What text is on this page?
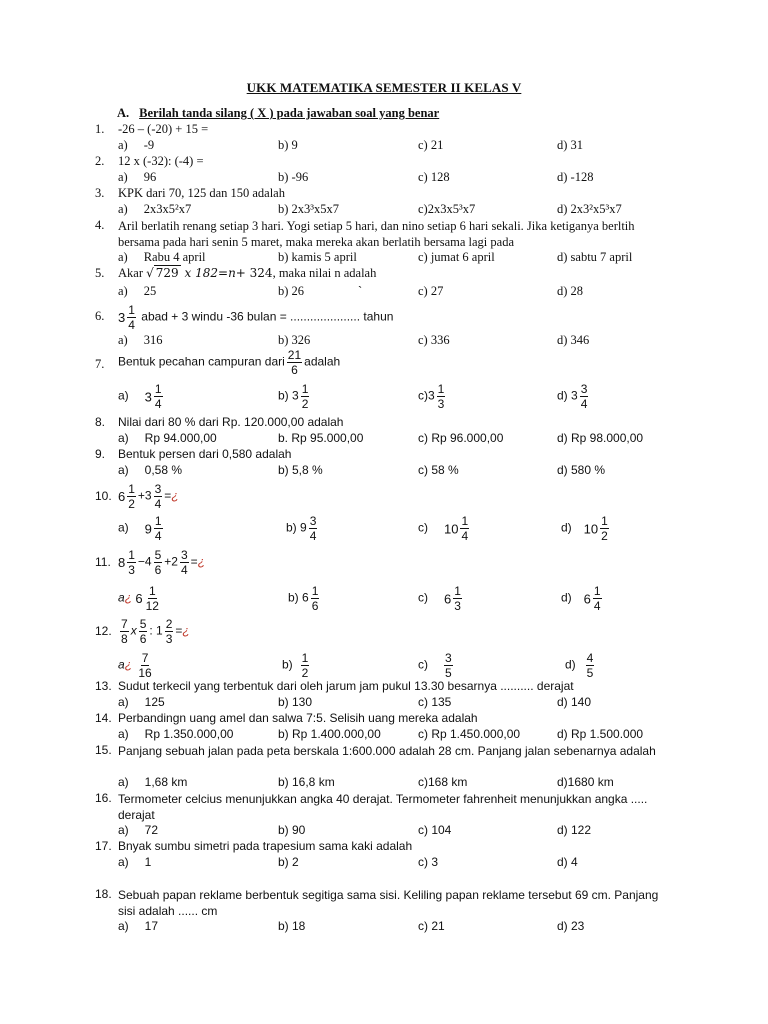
UKK MATEMATIKA SEMESTER II KELAS V
A. Berilah tanda silang ( X ) pada jawaban soal yang benar
1. -26 – (-20) + 15 =
a) -9	b) 9	c) 21	d) 31
2. 12 x (-32): (-4) =
a) 96	b) -96	c) 128	d) -128
3. KPK dari 70, 125 dan 150 adalah
a) 2x3x5²x7	b) 2x3³x5x7	c)2x3x5³x7	d) 2x3²x5³x7
4. Aril berlatih renang setiap 3 hari. Yogi setiap 5 hari, dan nino setiap 6 hari sekali. Jika ketiganya berltih bersama pada hari senin 5 maret, maka mereka akan berlatih bersama lagi pada
a) Rabu 4 april	b) kamis 5 april	c) jumat 6 april	d) sabtu 7 april
5. Akar √ 729 x 182=n+ 324, maka nilai n adalah
a) 25	b) 26	`	c) 27	d) 28
6. $3 \frac{1}{4}$ abad + 3 windu -36 bulan = ..................... tahun
a) 316	b) 326	c) 336	d) 346
7. Bentuk pecahan campuran dari $\frac{21}{6}$ adalah
a) $3 \frac{1}{4}$	b) $3 \frac{1}{2}$	$c)3 \frac{1}{3}$	d) $3 \frac{3}{4}$
8. Nilai dari 80 % dari Rp. 120.000,00 adalah
a) Rp 94.000,00	b. Rp 95.000,00	c) Rp 96.000,00	d) Rp 98.000,00
9. Bentuk persen dari 0,580 adalah
a) 0,58 %	b) 5,8 %	c) 58 %	d) 580 %
10. $6 \frac{1}{2} +3 \frac{3}{4}$ =¿
a) $9 \frac{1}{4}$	b) $9 \frac{3}{4}$	c) $10 \frac{1}{4}$	d) $10 \frac{1}{2}$
11. $8 \frac{1}{3} -4 \frac{5}{6} +2 \frac{3}{4}$ =¿
a¿ $6 \frac{1}{12}$	b) $6 \frac{1}{6}$	c) $6 \frac{1}{3}$	d) $6 \frac{1}{4}$
12. $\frac{7}{8}$ x $\frac{5}{6}$ : $1 \frac{2}{3}$ =¿
a¿ $\frac{7}{16}$	$b) \frac{1}{2}$	$c) \frac{3}{5}$	$d) \frac{4}{5}$
13. Sudut terkecil yang terbentuk dari oleh jarum jam pukul 13.30 besarnya .......... derajat
a) 125	b) 130	c) 135	d) 140
14. Perbandingn uang amel dan salwa 7:5. Selisih uang mereka adalah
a) Rp 1.350.000,00	b) Rp 1.400.000,00	c) Rp 1.450.000,00	d) Rp 1.500.000
15. Panjang sebuah jalan pada peta berskala 1:600.000 adalah 28 cm. Panjang jalan sebenarnya adalah
a) 1,68 km	b) 16,8 km	c)168 km	d)1680 km
16. Termometer celcius menunjukkan angka 40 derajat. Termometer fahrenheit menunjukkan angka ..... derajat
a) 72	b) 90	c) 104	d) 122
17. Bnyak sumbu simetri pada trapesium sama kaki adalah
a) 1	b) 2	c) 3	d) 4
18. Sebuah papan reklame berbentuk segitiga sama sisi. Keliling papan reklame tersebut 69 cm. Panjang sisi adalah ...... cm
a) 17	b) 18	c) 21	d) 23
